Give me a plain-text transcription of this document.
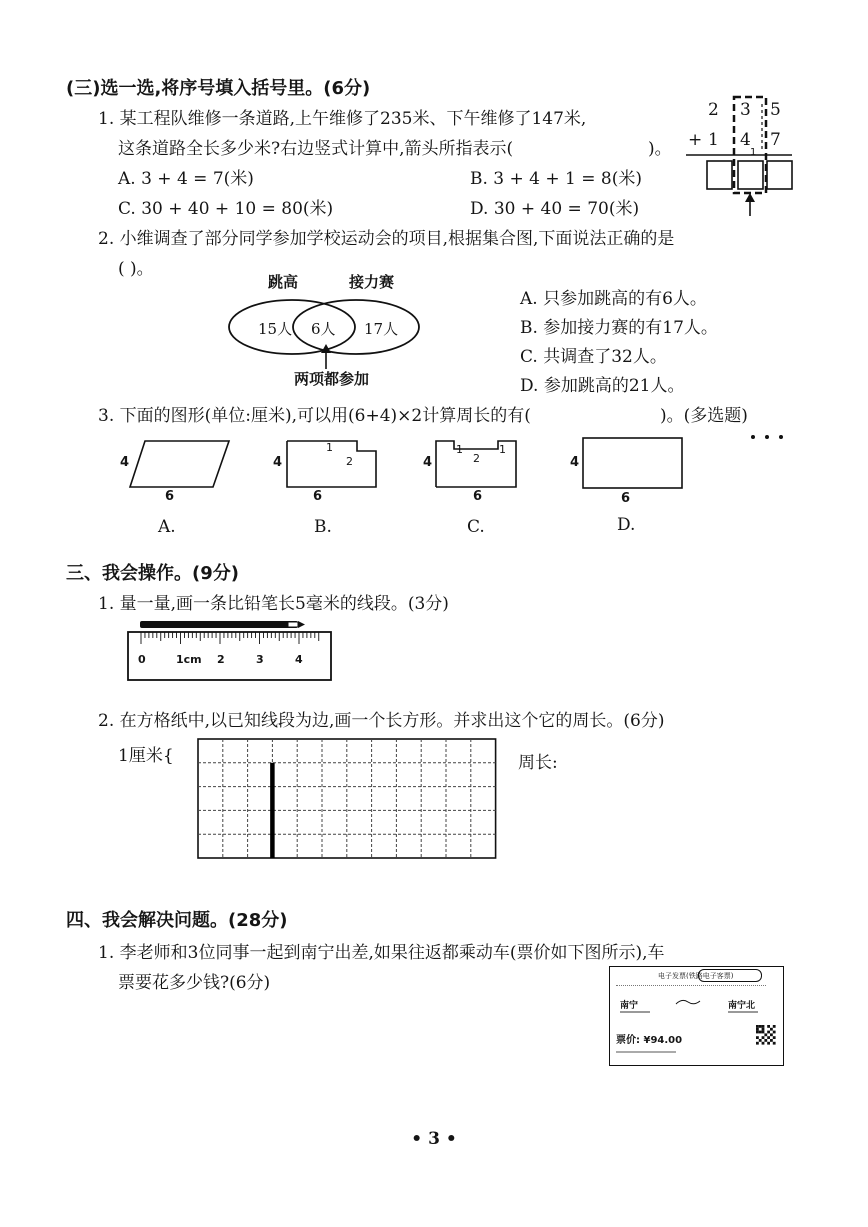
(三)选一选,将序号填入括号里。(6分)
1. 某工程队维修一条道路,上午维修了235米、下午维修了147米,
这条道路全长多少米?右边竖式计算中,箭头所指表示(	)。
A. 3 + 4 = 7(米)	B. 3 + 4 + 1 = 8(米)
C. 30 + 40 + 10 = 80(米)	D. 30 + 40 = 70(米)
2 3 5
+ 1 4 7
1
2. 小维调查了部分同学参加学校运动会的项目,根据集合图,下面说法正确的是
( )。
跳高	接力赛
15人 6人 17人
两项都参加
A. 只参加跳高的有6人。
B. 参加接力赛的有17人。
C. 共调查了32人。
D. 参加跳高的21人。
3. 下面的图形(单位:厘米),可以用(6+4)×2计算周长的有(	)。(多选题)
4
6
A.
4
6
1
2
B.
4
6
1
2
1
C.
4
6
D.
三、我会操作。(9分)
1. 量一量,画一条比铅笔长5毫米的线段。(3分)
0	1cm 2	3	4
2. 在方格纸中,以已知线段为边,画一个长方形。并求出这个它的周长。(6分)
1厘米{	周长:
四、我会解决问题。(28分)
1. 李老师和3位同事一起到南宁出差,如果往返都乘动车(票价如下图所示),车
票要花多少钱?(6分)	电子发票(铁路电子客票)
南宁	南宁北
票价: ¥94.00
• 3 •
